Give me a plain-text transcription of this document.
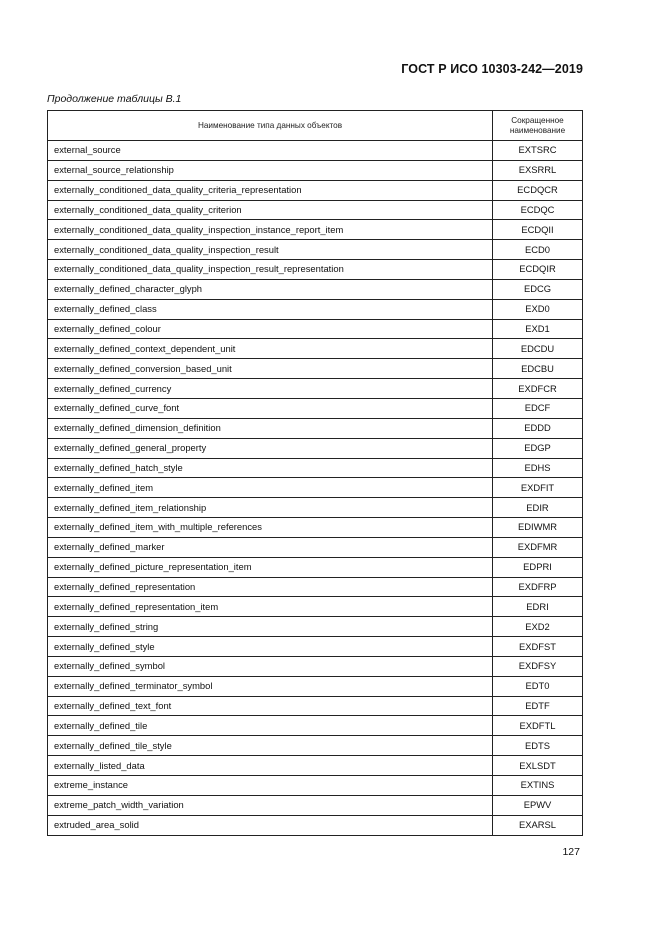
ГОСТ Р ИСО 10303-242—2019
Продолжение таблицы В.1
Наименование типа данных объектов	Сокращенное наименование
external_source	EXTSRC
external_source_relationship	EXSRRL
externally_conditioned_data_quality_criteria_representation	ECDQCR
externally_conditioned_data_quality_criterion	ECDQC
externally_conditioned_data_quality_inspection_instance_report_item	ECDQII
externally_conditioned_data_quality_inspection_result	ECD0
externally_conditioned_data_quality_inspection_result_representation	ECDQIR
externally_defined_character_glyph	EDCG
externally_defined_class	EXD0
externally_defined_colour	EXD1
externally_defined_context_dependent_unit	EDCDU
externally_defined_conversion_based_unit	EDCBU
externally_defined_currency	EXDFCR
externally_defined_curve_font	EDCF
externally_defined_dimension_definition	EDDD
externally_defined_general_property	EDGP
externally_defined_hatch_style	EDHS
externally_defined_item	EXDFIT
externally_defined_item_relationship	EDIR
externally_defined_item_with_multiple_references	EDIWMR
externally_defined_marker	EXDFMR
externally_defined_picture_representation_item	EDPRI
externally_defined_representation	EXDFRP
externally_defined_representation_item	EDRI
externally_defined_string	EXD2
externally_defined_style	EXDFST
externally_defined_symbol	EXDFSY
externally_defined_terminator_symbol	EDT0
externally_defined_text_font	EDTF
externally_defined_tile	EXDFTL
externally_defined_tile_style	EDTS
externally_listed_data	EXLSDT
extreme_instance	EXTINS
extreme_patch_width_variation	EPWV
extruded_area_solid	EXARSL
127
